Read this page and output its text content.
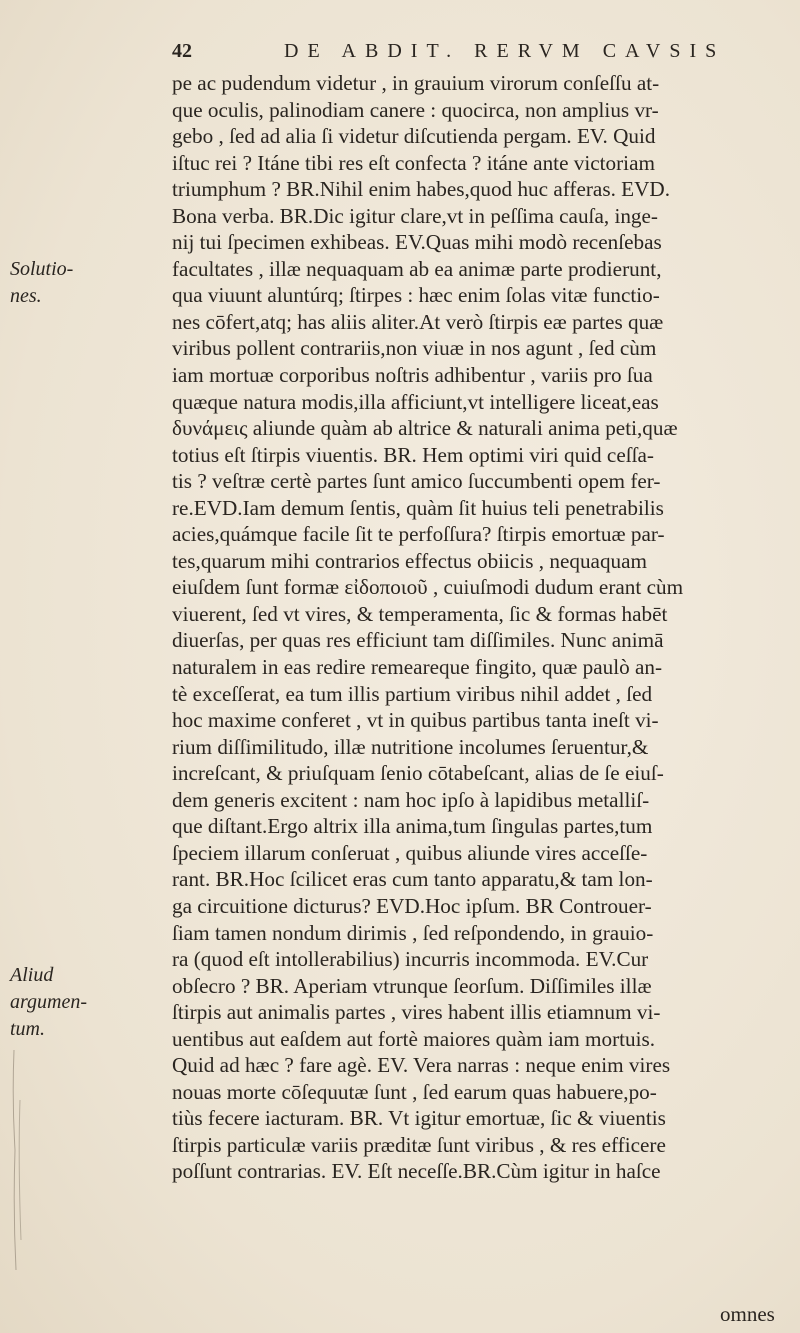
42	DE ABDIT. RERVM CAVSIS
Solutio-
nes.
Aliud
argumen-
tum.
pe ac pudendum videtur , in grauium virorum conſeſſu at-
que oculis, palinodiam canere : quocirca, non amplius vr-
gebo , ſed ad alia ſi videtur diſcutienda pergam. EV. Quid
iſtuc rei ? Itáne tibi res eſt confecta ? itáne ante victoriam
triumphum ? BR.Nihil enim habes,quod huc afferas. EVD.
Bona verba. BR.Dic igitur clare,vt in peſſima cauſa, inge-
nij tui ſpecimen exhibeas. EV.Quas mihi modò recenſebas
facultates , illæ nequaquam ab ea animæ parte prodierunt,
qua viuunt aluntúrq; ſtirpes : hæc enim ſolas vitæ functio-
nes cōfert,atq; has aliis aliter.At verò ſtirpis eæ partes quæ
viribus pollent contrariis,non viuæ in nos agunt , ſed cùm
iam mortuæ corporibus noſtris adhibentur , variis pro ſua
quæque natura modis,illa afficiunt,vt intelligere liceat,eas
δυνάμεις aliunde quàm ab altrice & naturali anima peti,quæ
totius eſt ſtirpis viuentis. BR. Hem optimi viri quid ceſſa-
tis ? veſtræ certè partes ſunt amico ſuccumbenti opem fer-
re.EVD.Iam demum ſentis, quàm ſit huius teli penetrabilis
acies,quámque facile ſit te perfoſſura? ſtirpis emortuæ par-
tes,quarum mihi contrarios effectus obiicis , nequaquam
eiuſdem ſunt formæ εἰδοποιοῦ , cuiuſmodi dudum erant cùm
viuerent, ſed vt vires, & temperamenta, ſic & formas habēt
diuerſas, per quas res efficiunt tam diſſimiles. Nunc animā
naturalem in eas redire remeareque fingito, quæ paulò an-
tè exceſſerat, ea tum illis partium viribus nihil addet , ſed
hoc maxime conferet , vt in quibus partibus tanta ineſt vi-
rium diſſimilitudo, illæ nutritione incolumes ſeruentur,&
increſcant, & priuſquam ſenio cōtabeſcant, alias de ſe eiuſ-
dem generis excitent : nam hoc ipſo à lapidibus metalliſ-
que diſtant.Ergo altrix illa anima,tum ſingulas partes,tum
ſpeciem illarum conſeruat , quibus aliunde vires acceſſe-
rant. BR.Hoc ſcilicet eras cum tanto apparatu,& tam lon-
ga circuitione dicturus? EVD.Hoc ipſum. BR Controuer-
ſiam tamen nondum dirimis , ſed reſpondendo, in grauio-
ra (quod eſt intollerabilius) incurris incommoda. EV.Cur
obſecro ? BR. Aperiam vtrunque ſeorſum. Diſſimiles illæ
ſtirpis aut animalis partes , vires habent illis etiamnum vi-
uentibus aut eaſdem aut fortè maiores quàm iam mortuis.
Quid ad hæc ? fare agè. EV. Vera narras : neque enim vires
nouas morte cōſequutæ ſunt , ſed earum quas habuere,po-
tiùs fecere iacturam. BR. Vt igitur emortuæ, ſic & viuentis
ſtirpis particulæ variis præditæ ſunt viribus , & res efficere
poſſunt contrarias. EV. Eſt neceſſe.BR.Cùm igitur in haſce
omnes
